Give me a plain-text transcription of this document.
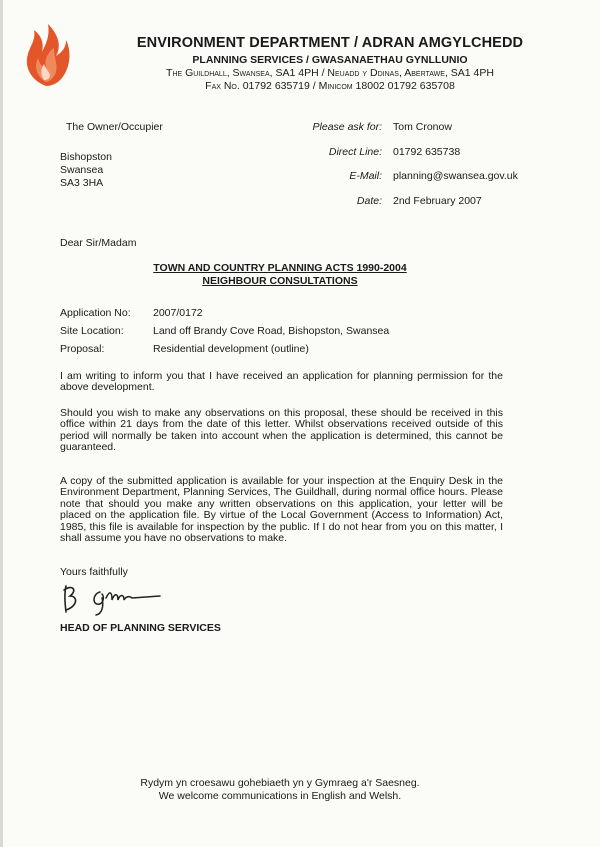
ENVIRONMENT DEPARTMENT / ADRAN AMGYLCHEDD
PLANNING SERVICES / GWASANAETHAU GYNLLUNIO
The Guildhall, Swansea, SA1 4PH / Neuadd y Ddinas, Abertawe, SA1 4PH
Fax No. 01792 635719 / Minicom 18002 01792 635708
The Owner/Occupier
Bishopston
Swansea
SA3 3HA
Please ask for: Tom Cronow
Direct Line: 01792 635738
E-Mail: planning@swansea.gov.uk
Date: 2nd February 2007
Dear Sir/Madam
TOWN AND COUNTRY PLANNING ACTS 1990-2004
NEIGHBOUR CONSULTATIONS
Application No: 2007/0172
Site Location:	Land off Brandy Cove Road, Bishopston, Swansea
Proposal:	Residential development (outline)
I am writing to inform you that I have received an application for planning permission for the above development.
Should you wish to make any observations on this proposal, these should be received in this office within 21 days from the date of this letter. Whilst observations received outside of this period will normally be taken into account when the application is determined, this cannot be guaranteed.
A copy of the submitted application is available for your inspection at the Enquiry Desk in the Environment Department, Planning Services, The Guildhall, during normal office hours. Please note that should you make any written observations on this application, your letter will be placed on the application file. By virtue of the Local Government (Access to Information) Act, 1985, this file is available for inspection by the public. If I do not hear from you on this matter, I shall assume you have no observations to make.
Yours faithfully
HEAD OF PLANNING SERVICES
Rydym yn croesawu gohebiaeth yn y Gymraeg a'r Saesneg.
We welcome communications in English and Welsh.
